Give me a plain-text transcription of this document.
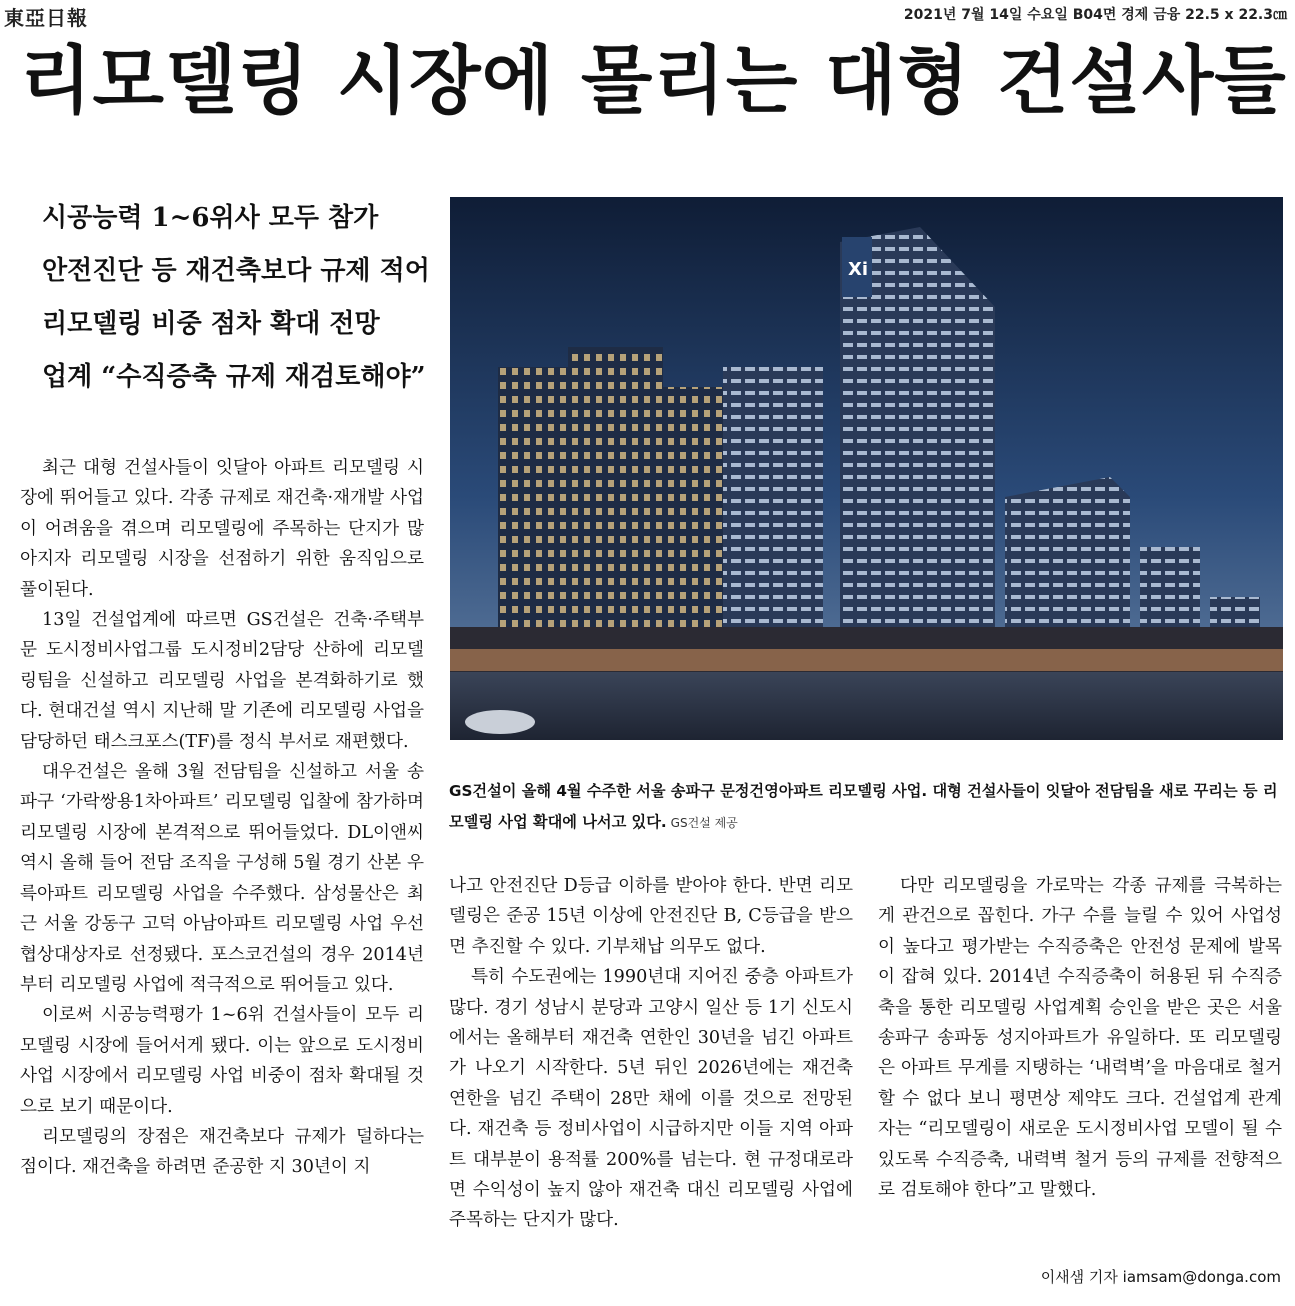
東亞日報	2021년 7월 14일 수요일 B04면 경제 금융 22.5 x 22.3㎝
리모델링 시장에 몰리는 대형 건설사들
시공능력 1~6위사 모두 참가
안전진단 등 재건축보다 규제 적어
리모델링 비중 점차 확대 전망
업계 “수직증축 규제 재검토해야”
Xi
GS건설이 올해 4월 수주한 서울 송파구 문정건영아파트 리모델링 사업. 대형 건설사들이 잇달아 전담팀을 새로 꾸리는 등 리모델링 사업 확대에 나서고 있다. GS건설 제공

최근 대형 건설사들이 잇달아 아파트 리모델링 시장에 뛰어들고 있다. 각종 규제로 재건축·재개발 사업이 어려움을 겪으며 리모델링에 주목하는 단지가 많아지자 리모델링 시장을 선점하기 위한 움직임으로 풀이된다.

13일 건설업계에 따르면 GS건설은 건축·주택부문 도시정비사업그룹 도시정비2담당 산하에 리모델링팀을 신설하고 리모델링 사업을 본격화하기로 했다. 현대건설 역시 지난해 말 기존에 리모델링 사업을 담당하던 태스크포스(TF)를 정식 부서로 재편했다.

대우건설은 올해 3월 전담팀을 신설하고 서울 송파구 ‘가락쌍용1차아파트’ 리모델링 입찰에 참가하며 리모델링 시장에 본격적으로 뛰어들었다. DL이앤씨 역시 올해 들어 전담 조직을 구성해 5월 경기 산본 우륵아파트 리모델링 사업을 수주했다. 삼성물산은 최근 서울 강동구 고덕 아남아파트 리모델링 사업 우선협상대상자로 선정됐다. 포스코건설의 경우 2014년부터 리모델링 사업에 적극적으로 뛰어들고 있다.

이로써 시공능력평가 1~6위 건설사들이 모두 리모델링 시장에 들어서게 됐다. 이는 앞으로 도시정비사업 시장에서 리모델링 사업 비중이 점차 확대될 것으로 보기 때문이다.

리모델링의 장점은 재건축보다 규제가 덜하다는 점이다. 재건축을 하려면 준공한 지 30년이 지

나고 안전진단 D등급 이하를 받아야 한다. 반면 리모델링은 준공 15년 이상에 안전진단 B, C등급을 받으면 추진할 수 있다. 기부채납 의무도 없다.

특히 수도권에는 1990년대 지어진 중층 아파트가 많다. 경기 성남시 분당과 고양시 일산 등 1기 신도시에서는 올해부터 재건축 연한인 30년을 넘긴 아파트가 나오기 시작한다. 5년 뒤인 2026년에는 재건축 연한을 넘긴 주택이 28만 채에 이를 것으로 전망된다. 재건축 등 정비사업이 시급하지만 이들 지역 아파트 대부분이 용적률 200%를 넘는다. 현 규정대로라면 수익성이 높지 않아 재건축 대신 리모델링 사업에 주목하는 단지가 많다.

다만 리모델링을 가로막는 각종 규제를 극복하는 게 관건으로 꼽힌다. 가구 수를 늘릴 수 있어 사업성이 높다고 평가받는 수직증축은 안전성 문제에 발목이 잡혀 있다. 2014년 수직증축이 허용된 뒤 수직증축을 통한 리모델링 사업계획 승인을 받은 곳은 서울 송파구 송파동 성지아파트가 유일하다. 또 리모델링은 아파트 무게를 지탱하는 ‘내력벽’을 마음대로 철거할 수 없다 보니 평면상 제약도 크다. 건설업계 관계자는 “리모델링이 새로운 도시정비사업 모델이 될 수 있도록 수직증축, 내력벽 철거 등의 규제를 전향적으로 검토해야 한다”고 말했다.

이새샘 기자 iamsam@donga.com
